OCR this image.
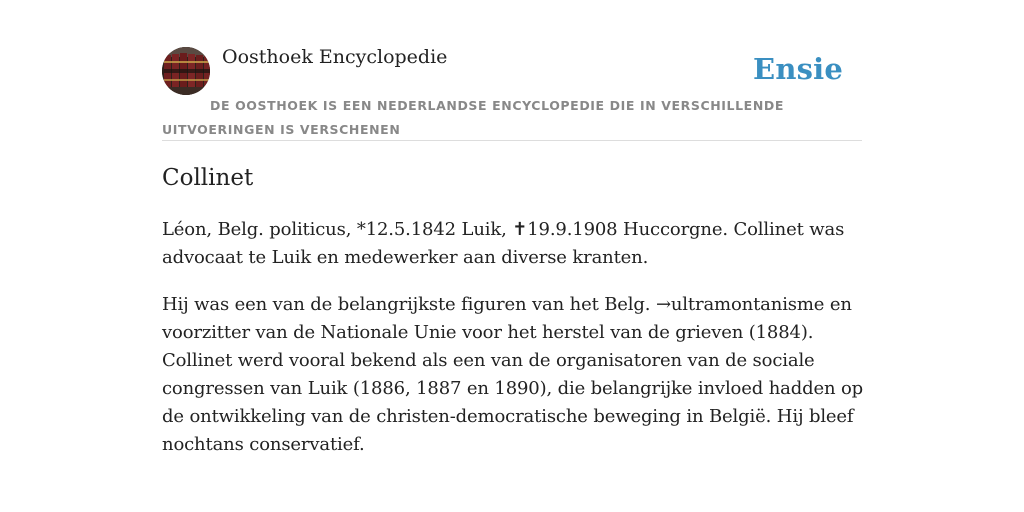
Oosthoek Encyclopedie	Ensie
DE OOSTHOEK IS EEN NEDERLANDSE ENCYCLOPEDIE DIE IN VERSCHILLENDE UITVOERINGEN IS VERSCHENEN
Collinet

Léon, Belg. politicus, *12.5.1842 Luik, ✝19.9.1908 Huccorgne. Collinet was advocaat te Luik en medewerker aan diverse kranten.

Hij was een van de belangrijkste figuren van het Belg. →ultramontanisme en voorzitter van de Nationale Unie voor het herstel van de grieven (1884). Collinet werd vooral bekend als een van de organisatoren van de sociale congressen van Luik (1886, 1887 en 1890), die belangrijke invloed hadden op de ontwikkeling van de christen-democratische beweging in België. Hij bleef nochtans conservatief.
